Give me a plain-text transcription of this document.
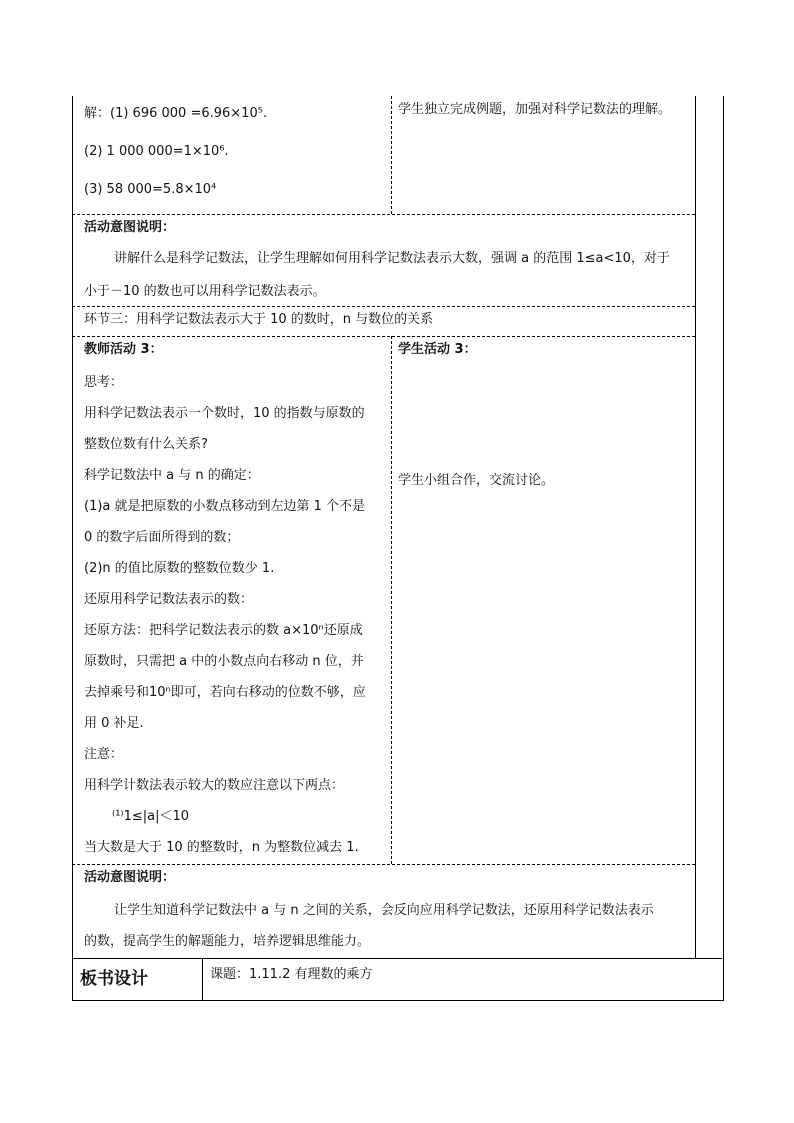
解：(1) 696 000 =6.96×10⁵.
(2) 1 000 000=1×10⁶.
(3) 58 000=5.8×10⁴
学生独立完成例题，加强对科学记数法的理解。
活动意图说明：
讲解什么是科学记数法，让学生理解如何用科学记数法表示大数，强调 a 的范围 1≤a<10，对于
小于－10 的数也可以用科学记数法表示。
环节三：用科学记数法表示大于 10 的数时，n 与数位的关系
教师活动 3：
思考：
用科学记数法表示一个数时，10 的指数与原数的
整数位数有什么关系?
科学记数法中 a 与 n 的确定：
(1)a 就是把原数的小数点移动到左边第 1 个不是
0 的数字后面所得到的数；
(2)n 的值比原数的整数位数少 1.
还原用科学记数法表示的数：
还原方法：把科学记数法表示的数 a×10ⁿ还原成
原数时，只需把 a 中的小数点向右移动 n 位，并
去掉乘号和10ⁿ即可，若向右移动的位数不够，应
用 0 补足.
注意：
用科学计数法表示较大的数应注意以下两点：
⁽¹⁾1≤|a|＜10
当大数是大于 10 的整数时，n 为整数位减去 1.
学生活动 3：
学生小组合作，交流讨论。
活动意图说明：
让学生知道科学记数法中 a 与 n 之间的关系，会反向应用科学记数法，还原用科学记数法表示
的数，提高学生的解题能力，培养逻辑思维能力。
板书设计	课题：1.11.2 有理数的乘方
